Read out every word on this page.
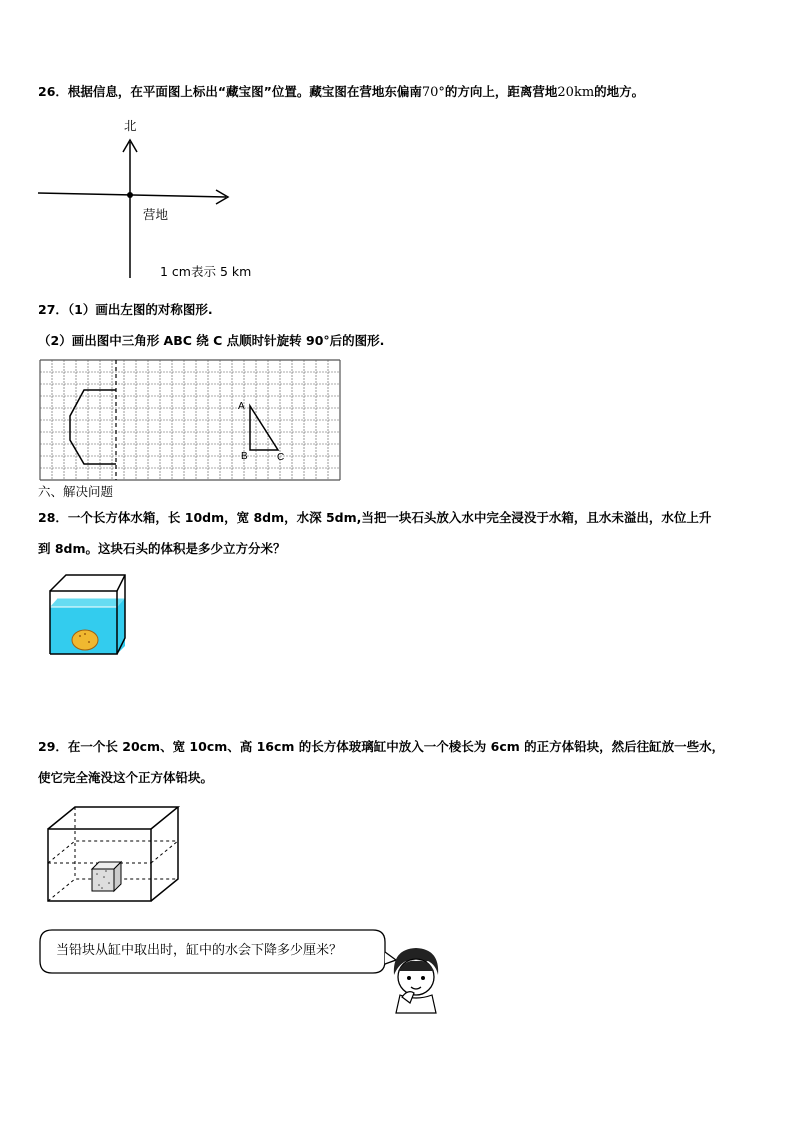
26．根据信息，在平面图上标出“藏宝图”位置。藏宝图在营地东偏南70°的方向上，距离营地20km的地方。
北
营地
1 cm表示 5 km
27．（1）画出左图的对称图形.
（2）画出图中三角形 ABC 绕 C 点顺时针旋转 90°后的图形.
A
B	C
六、解决问题
28．一个长方体水箱，长 10dm，宽 8dm，水深 5dm,当把一块石头放入水中完全浸没于水箱，且水未溢出，水位上升
到 8dm。这块石头的体积是多少立方分米？
29．在一个长 20cm、宽 10cm、高 16cm 的长方体玻璃缸中放入一个棱长为 6cm 的正方体铅块，然后往缸放一些水，
使它完全淹没这个正方体铅块。
当铅块从缸中取出时，缸中的水会下降多少厘米？
